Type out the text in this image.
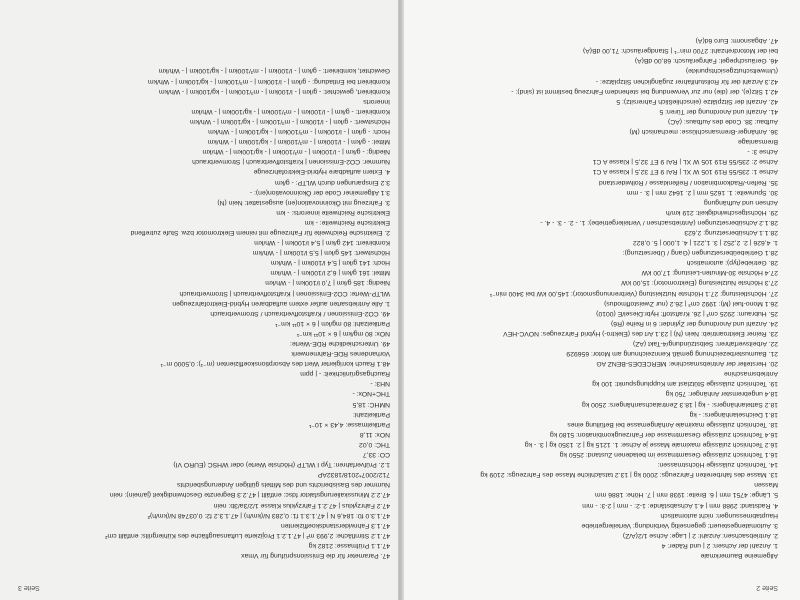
Seite 2
Allgemeine Baumerkmale
1. Anzahl der Achsen: 2 | und Räder: 4
2. Antriebsachsen: Anzahl: 2 | Lage: Achse 1/2(A/Z)
3. Automatengesteuert: gegenseitig Verbindung: Verteilergetriebe
Hauptabmessungen: nicht automatisch
4. Radstand: 2988 mm | 4.1 Achsabstände: 1-2: - mm | 2-3: - mm
5. Länge: 4751 mm | 6. Breite: 1938 mm | 7. Höhe: 1886 mm
Massen
13. Masse des fahrbereiten Fahrzeugs: 2000 kg | 13.2 tatsächliche Masse des Fahrzeugs: 2109 kg
14. Technisch zulässige Höchstmassen:
16.1 Technisch zulässige Gesamtmasse im beladenen Zustand: 2550 kg
16.2 Technisch zulässige maximale Masse je Achse: 1. 1215 kg | 2. 1350 kg | 3. - kg
16.4 Technisch zulässige Gesamtmasse der Fahrzeugkombination: 5180 kg
18. Technisch zulässige maximale Anhängemasse bei Befüllung eines
18.1 Deichselanhängers: - kg
18.2 Sattelanhängers: - kg | 18.3 Zentralachsanhängers: 2500 kg
18.4 ungebremster Anhänger: 750 kg
19. Technisch zulässige Stützlast am Kupplungspunkt: 100 kg
Antriebsmaschine
20. Hersteller der Antriebsmaschine: MERCEDES-BENZ AG
21. Baumusterbezeichnung gemäß Kennzeichnung am Motor: 656929
22. Arbeitsverfahren: Selbstzündung/4-Takt (AZ)
23. Reiner Elektroantrieb: Nein (N) | 23.1 Art des (Elektro-) Hybrid Fahrzeuges: NOVC-HEV
24. Anzahl und Anordnung der Zylinder: 6 in Reihe (R6)
25. Hubraum: 2925 cm³ | 26. Kraftstoff: Hybr.Diesel/E (0010)
26.1 Mono-fuel (M): 1992 cm³ | 26.2 (nur Zweistoffmodus)
27. Höchstleistung: 27.1 Höchste Nutzleistung (Verbrennungsmotor): 145,00 kW bei 3400 min⁻¹
27.3 Höchste Nutzleistung (Elektromotor): 15,00 kW
27.4 Höchste 30-Minuten-Leistung: 17,00 kW
28. Getriebe(typ): automatisch
28.1 Getriebeübersetzungen (Gang / Übersetzung):
1. 4,626 | 2. 2,252 | 3. 1,221 | 4. 1,000 | 5. 0,822
28.1.1 Achsübersetzung: 2,623
28.1.2 Achsübersetzungen (Antriebsachsen / Verteilergetriebe): 1. - 2. - 3. - 4. -
29. Höchstgeschwindigkeit: 219 km/h
Achsen und Aufhängung
30. Spurweite: 1. 1625 mm | 2. 1642 mm | 3. - mm
35. Reifen-/Radkombination / Reifenklasse / Rollwiderstand
Achse 1: 235/55 R19 105 W XL | RAI 9 ET 32,5 | Klasse A C1
Achse 2: 235/55 R19 105 W XL | RAI 9 ET 32,5 | Klasse A C1
Achse 3: -
Bremsanlage
36. Anhänger-Bremsanschlüsse: mechanisch (M)
Aufbau: 38. Code des Aufbaus: (AC)
41. Anzahl und Anordnung der Türen: 5
42. Anzahl der Sitzplätze (einschließlich Fahrersitz): 5
42.1 Sitz(e), der (die) nur zur Verwendung bei stehendem Fahrzeug bestimmt ist (sind): -
42.3 Anzahl der für Rollstuhlfahrer zugänglichen Sitzplätze: -
(Umweltschutzgesichtspunkte)
46. Geräuschpegel: Fahrgeräusch: 68,00 dB(A)
bei der Motordrehzahl: 2700 min⁻¹ | Standgeräusch: 71,00 dB(A)
47. Abgasnorm: Euro 6d(A)
Seite 3
47. Parameter für die Emissionsprüfung für Vmax
47.1.1 Prüfmasse: 2182 kg
47.1.2 Stirnfläche: 2,993 m² | 47.1.2.1 Projizierte Luftansaugfläche des Kühlergrills: entfällt cm²
47.1.3 Fahrwiderstandskoeffizienten
47.1.3.0 f0: 184,6 N | 47.1.3.1 f1: 0,283 N/(km/h) | 47.1.3.2 f2: 0,03748 N/(km/h)²
47.2 Fahrzyklus | 47.2.1 Fahrzyklus Klasse 1/2/3a/3b: nein
47.2.2 Minusskalierungsfaktor fdsc: entfällt | 47.2.3 Begrenzte Geschwindigkeit (ja/nein): nein
Nummer des Basisberichts und des Mittels gültigen Änderungsberichts
712/2007*2018/1832AP
1.2. Prüfverfahren: Typ I WLTP (Höchste Werte) oder WHSC (EURO VI)
CO: 33,7
THC: 0,02
NOx: 11,8
Partikelmasse: 4,43 × 10⁻¹
Partikelzahl:
NMHC: 18,5
THC+NOx: -
NH3: -
Rauchgasgrünlichkeit: - | ppm
48.1 Rauch korrigierter Wert des Absorptionskoeffizienten (m⁻¹): 0,5000 m⁻¹
Vorhandenes RDE-Rahmenwerk
49. Unterschiedliche RDE-Werte:
NOx: 80 mg/km | 6 × 10¹¹ km⁻¹
Partikelzahl: 80 mg/km | 6 × 10¹¹ km⁻¹
49. CO2-Emissionen / Kraftstoffverbrauch / Stromverbrauch
1. Alle Antriebsarten außer extern aufladbaren Hybrid-Elektrofahrzeugen
WLTP-Werte: CO2-Emissionen | Kraftstoffverbrauch | Stromverbrauch
Niedrig: 185 g/km | 7,0 l/100km | - Wh/km
Mittel: 161 g/km | 6,2 l/100km | - Wh/km
Hoch: 141 g/km | 5,4 l/100km | - Wh/km
Höchstwert: 145 g/km | 5,5 l/100km | - Wh/km
Kombiniert: 142 g/km | 5,4 l/100km | - Wh/km
2. Elektrische Reichweite für Fahrzeuge mit reinem Elektromotor bzw. Stufe zutreffend
Elektrische Reichweite: - km
Elektrische Reichweite innerorts: - km
3. Fahrzeug mit Ökoinnovation(en) ausgestattet: Nein (N)
3.1 Allgemeiner Code der Ökoinnovation(en): -
3.2 Einsparungen durch WLTP: - g/km
4. Extern aufladbare Hybrid-Elektrofahrzeuge
Nummer: CO2-Emissionen | Kraftstoffverbrauch | Stromverbrauch
Niedrig: - g/km | - l/100km | - m³/100km | - kg/100km | - Wh/km
Mittel: - g/km | - l/100km | - m³/100km | - kg/100km | - Wh/km
Hoch: - g/km | - l/100km | - m³/100km | - kg/100km | - Wh/km
Höchstwert: - g/km | - l/100km | - m³/100km | - kg/100km | - Wh/km
Kombiniert: - g/km | - l/100km | - m³/100km | - kg/100km | - Wh/km
Innerorts
Kombiniert, gewichtet: - g/km | - l/100km | - m³/100km | - kg/100km | - Wh/km
Kombiniert bei Entladung: - g/km | - l/100km | - m³/100km | - kg/100km | - Wh/km
Gewichtet, kombiniert: - g/km | - l/100km | - m³/100km | - kg/100km | - Wh/km
